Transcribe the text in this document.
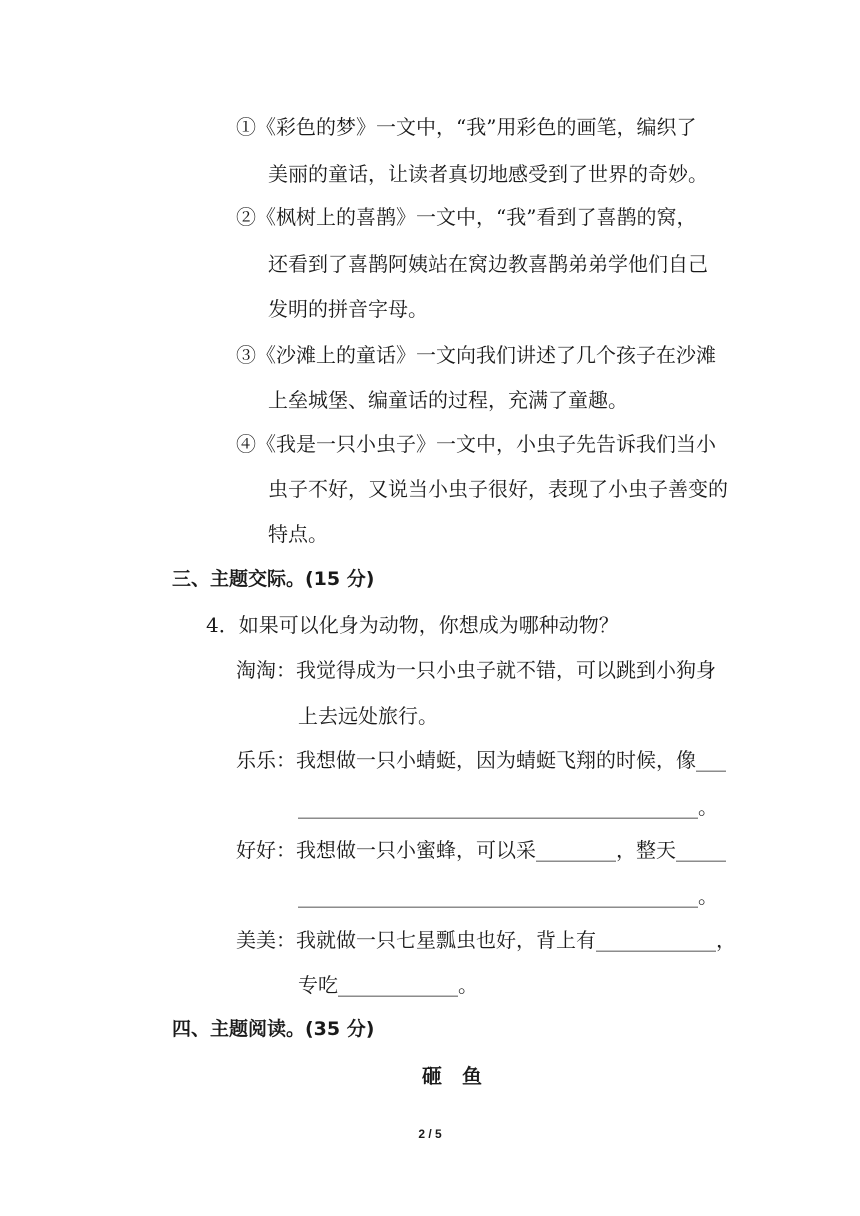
①《彩色的梦》一文中，“我”用彩色的画笔，编织了
美丽的童话，让读者真切地感受到了世界的奇妙。
②《枫树上的喜鹊》一文中，“我”看到了喜鹊的窝，
还看到了喜鹊阿姨站在窝边教喜鹊弟弟学他们自己
发明的拼音字母。
③《沙滩上的童话》一文向我们讲述了几个孩子在沙滩
上垒城堡、编童话的过程，充满了童趣。
④《我是一只小虫子》一文中，小虫子先告诉我们当小
虫子不好，又说当小虫子很好，表现了小虫子善变的
特点。
三、主题交际。(15 分)
4．如果可以化身为动物，你想成为哪种动物？
淘淘：我觉得成为一只小虫子就不错，可以跳到小狗身
上去远处旅行。
乐乐：我想做一只小蜻蜓，因为蜻蜓飞翔的时候，像___
________________________________________。
好好：我想做一只小蜜蜂，可以采________，整天_____
________________________________________。
美美：我就做一只七星瓢虫也好，背上有____________，
专吃____________。
四、主题阅读。(35 分)
砸鱼
2 / 5
